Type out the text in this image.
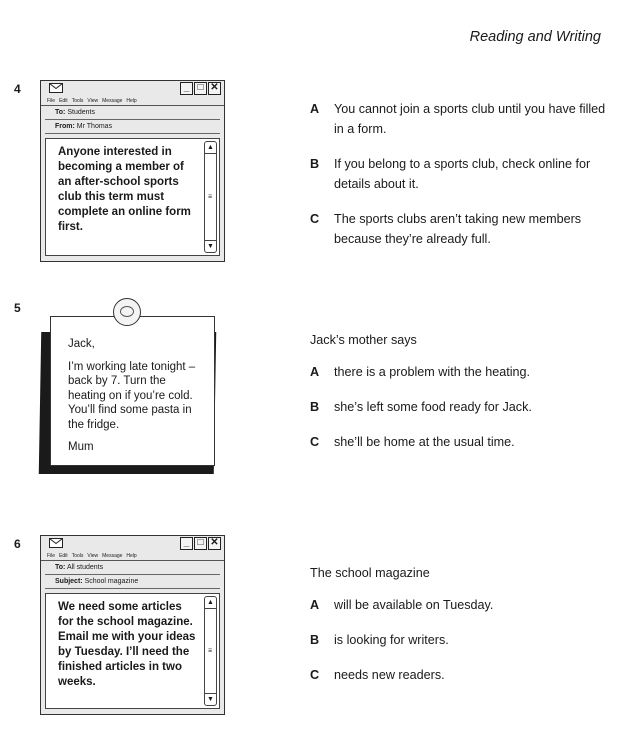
Reading and Writing
4	_ □ ✕
File Edit Tools View Message Help
To: Students
From: Mr Thomas
Anyone interested in becoming a member of an after-school sports club this term must complete an online form first.
▲
≡
▼
A	You cannot join a sports club until you have filled in a form.
B	If you belong to a sports club, check online for details about it.
C	The sports clubs aren’t taking new members because they’re already full.
5

Jack,

I’m working late tonight – back by 7. Turn the heating on if you’re cold. You’ll find some pasta in the fridge.

Mum

Jack’s mother says
A	there is a problem with the heating.
B	she’s left some food ready for Jack.
C	she’ll be home at the usual time.
6	_ □ ✕
File Edit Tools View Message Help
To: All students
Subject: School magazine
We need some articles for the school magazine. Email me with your ideas by Tuesday. I’ll need the finished articles in two weeks.
▲
≡
▼
The school magazine
A	will be available on Tuesday.
B	is looking for writers.
C	needs new readers.
